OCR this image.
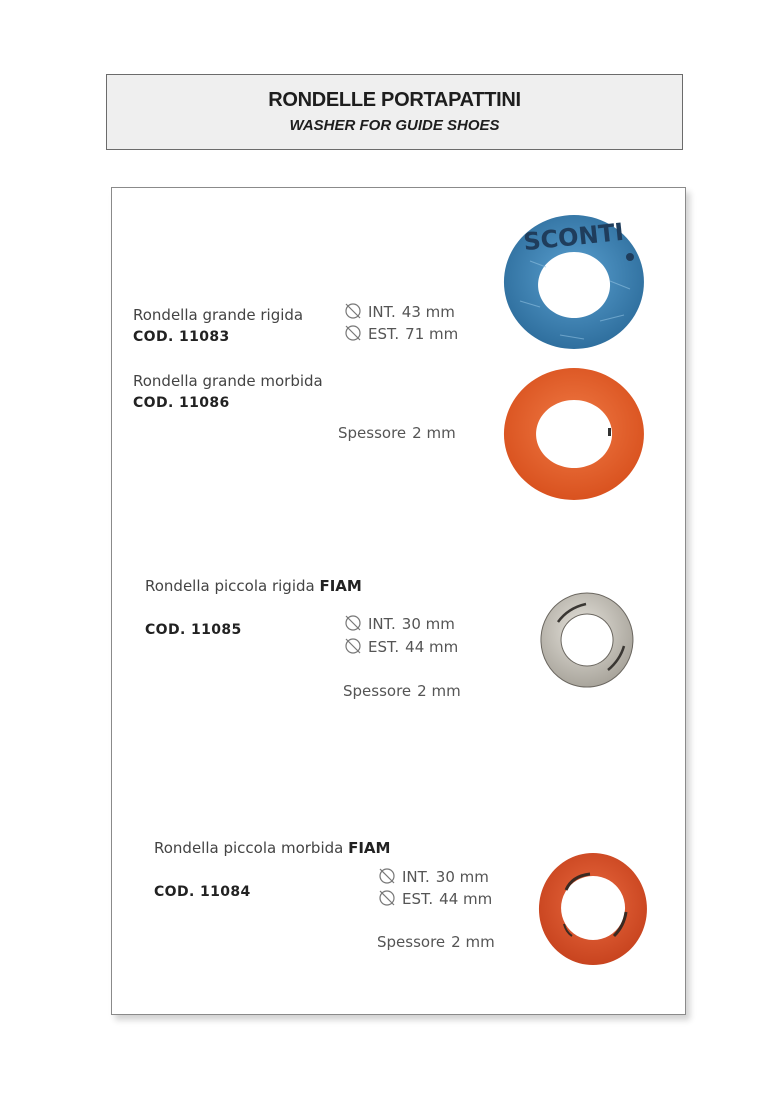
RONDELLE PORTAPATTINI
WASHER FOR GUIDE SHOES
SCONTI
Rondella grande rigida
COD. 11083
INT. 43 mm
EST. 71 mm
Rondella grande morbida
COD. 11086
Spessore 2 mm
Rondella piccola rigida FIAM
COD. 11085	INT. 30 mm
EST. 44 mm
Spessore 2 mm
Rondella piccola morbida FIAM
COD. 11084
INT. 30 mm
EST. 44 mm
Spessore 2 mm
